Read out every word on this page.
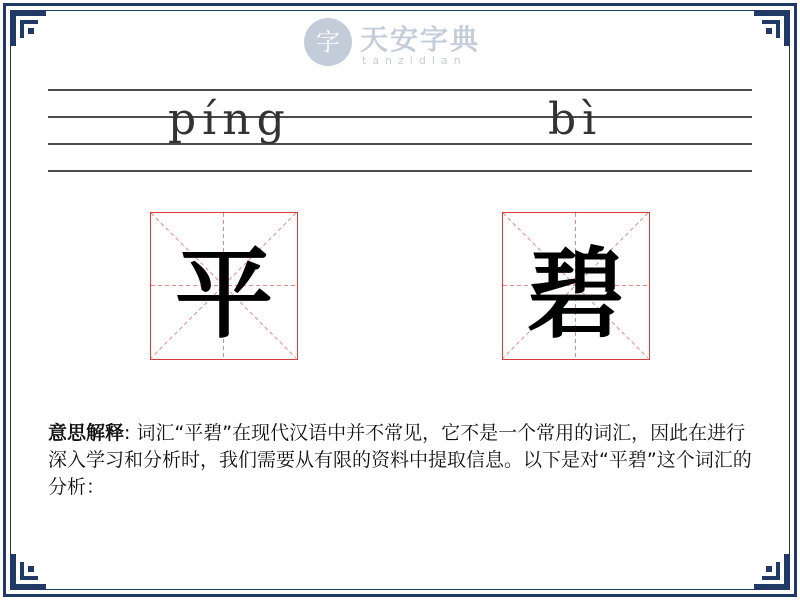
字 天安字典
tanzidian
píng	bì
平	碧
意思解释: 词汇“平碧”在现代汉语中并不常见，它不是一个常用的词汇，因此在进行深入学习和分析时，我们需要从有限的资料中提取信息。以下是对“平碧”这个词汇的分析：
